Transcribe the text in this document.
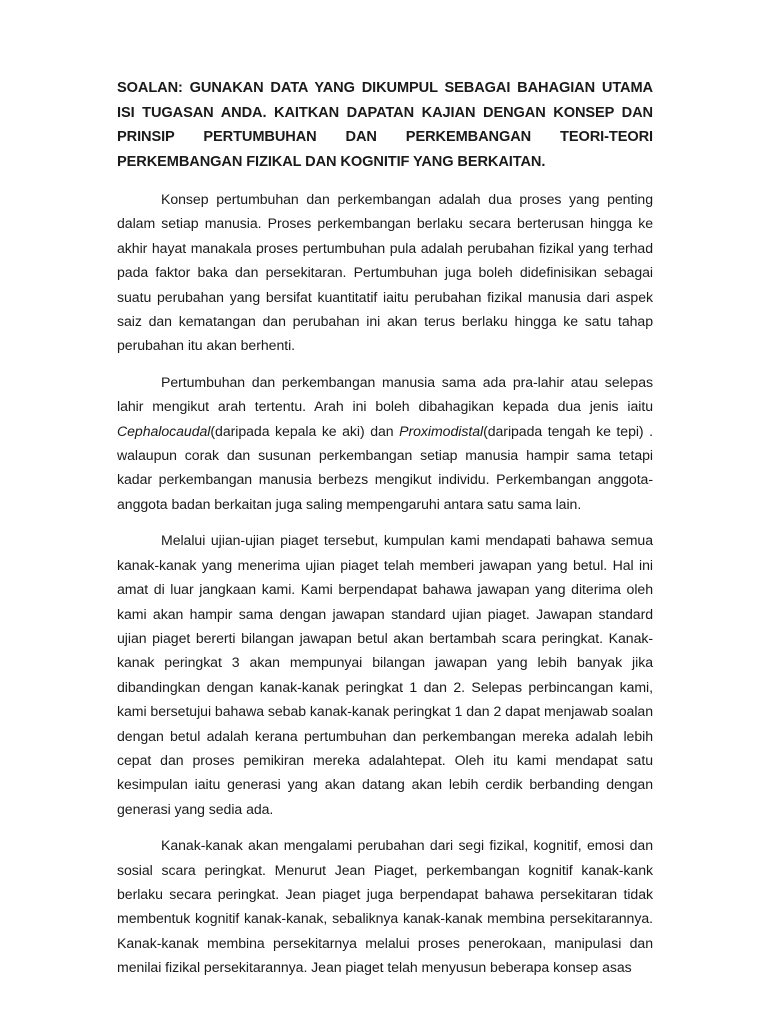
SOALAN: GUNAKAN DATA YANG DIKUMPUL SEBAGAI BAHAGIAN UTAMA ISI TUGASAN ANDA. KAITKAN DAPATAN KAJIAN DENGAN KONSEP DAN PRINSIP PERTUMBUHAN DAN PERKEMBANGAN TEORI-TEORI PERKEMBANGAN FIZIKAL DAN KOGNITIF YANG BERKAITAN.

Konsep pertumbuhan dan perkembangan adalah dua proses yang penting dalam setiap manusia. Proses perkembangan berlaku secara berterusan hingga ke akhir hayat manakala proses pertumbuhan pula adalah perubahan fizikal yang terhad pada faktor baka dan persekitaran. Pertumbuhan juga boleh didefinisikan sebagai suatu perubahan yang bersifat kuantitatif iaitu perubahan fizikal manusia dari aspek saiz dan kematangan dan perubahan ini akan terus berlaku hingga ke satu tahap perubahan itu akan berhenti.

Pertumbuhan dan perkembangan manusia sama ada pra-lahir atau selepas lahir mengikut arah tertentu. Arah ini boleh dibahagikan kepada dua jenis iaitu Cephalocaudal(daripada kepala ke aki) dan Proximodistal(daripada tengah ke tepi) . walaupun corak dan susunan perkembangan setiap manusia hampir sama tetapi kadar perkembangan manusia berbezs mengikut individu. Perkembangan anggota-anggota badan berkaitan juga saling mempengaruhi antara satu sama lain.

Melalui ujian-ujian piaget tersebut, kumpulan kami mendapati bahawa semua kanak-kanak yang menerima ujian piaget telah memberi jawapan yang betul. Hal ini amat di luar jangkaan kami. Kami berpendapat bahawa jawapan yang diterima oleh kami akan hampir sama dengan jawapan standard ujian piaget. Jawapan standard ujian piaget bererti bilangan jawapan betul akan bertambah scara peringkat. Kanak-kanak peringkat 3 akan mempunyai bilangan jawapan yang lebih banyak jika dibandingkan dengan kanak-kanak peringkat 1 dan 2. Selepas perbincangan kami, kami bersetujui bahawa sebab kanak-kanak peringkat 1 dan 2 dapat menjawab soalan dengan betul adalah kerana pertumbuhan dan perkembangan mereka adalah lebih cepat dan proses pemikiran mereka adalahtepat. Oleh itu kami mendapat satu kesimpulan iaitu generasi yang akan datang akan lebih cerdik berbanding dengan generasi yang sedia ada.

Kanak-kanak akan mengalami perubahan dari segi fizikal, kognitif, emosi dan sosial scara peringkat. Menurut Jean Piaget, perkembangan kognitif kanak-kank berlaku secara peringkat. Jean piaget juga berpendapat bahawa persekitaran tidak membentuk kognitif kanak-kanak, sebaliknya kanak-kanak membina persekitarannya. Kanak-kanak membina persekitarnya melalui proses penerokaan, manipulasi dan menilai fizikal persekitarannya. Jean piaget telah menyusun beberapa konsep asas
